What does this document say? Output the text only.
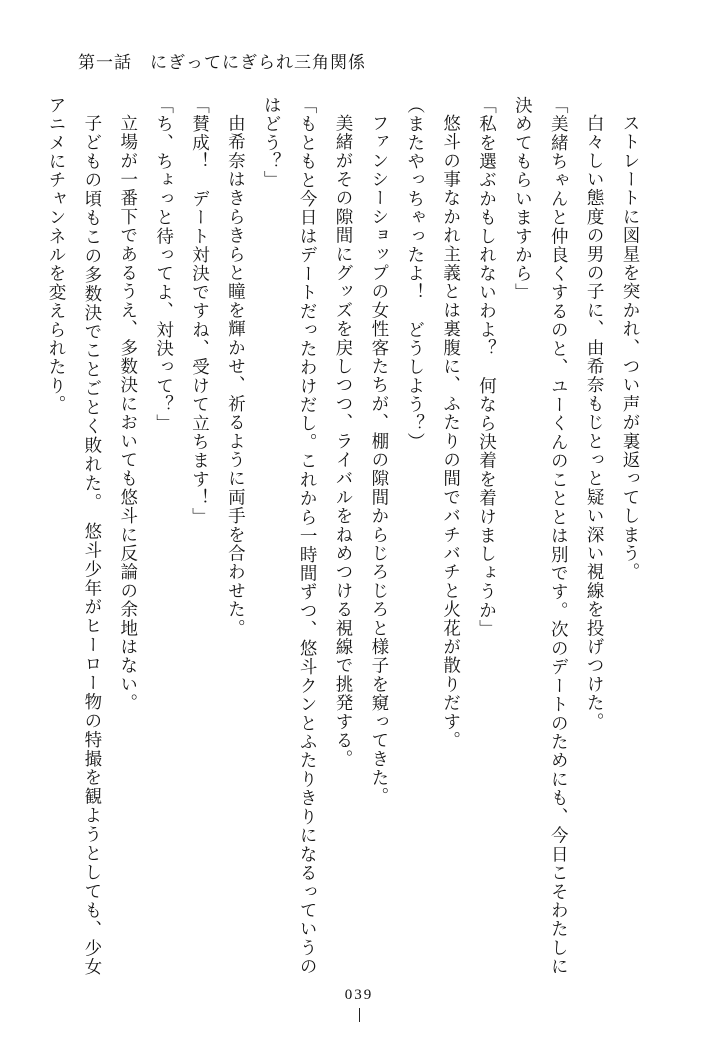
第一話 にぎってにぎられ三角関係

ストレートに図星を突かれ、つい声が裏返ってしまう。

白々しい態度の男の子に、由希奈もじとっと疑い深い視線を投げつけた。

「美緒ちゃんと仲良くするのと、ユーくんのこととは別です。次のデートのためにも、今日こそわたしに決めてもらいますから」

「私を選ぶかもしれないわよ？　何なら決着を着けましょうか」

悠斗の事なかれ主義とは裏腹に、ふたりの間でバチバチと火花が散りだす。

（またやっちゃったよ！　どうしよう？）

ファンシーショップの女性客たちが、棚の隙間からじろじろと様子を窺ってきた。

美緒がその隙間にグッズを戻しつつ、ライバルをねめつける視線で挑発する。

「もともと今日はデートだったわけだし。これから一時間ずつ、悠斗クンとふたりきりになるっていうのはどう？」

由希奈はきらきらと瞳を輝かせ、祈るように両手を合わせた。

「賛成！　デート対決ですね、受けて立ちます！」

「ち、ちょっと待ってよ、対決って？」

立場が一番下であるうえ、多数決においても悠斗に反論の余地はない。

子どもの頃もこの多数決でことごとく敗れた。　悠斗少年がヒーロー物の特撮を観ようとしても、少女アニメにチャンネルを変えられたり。

039
